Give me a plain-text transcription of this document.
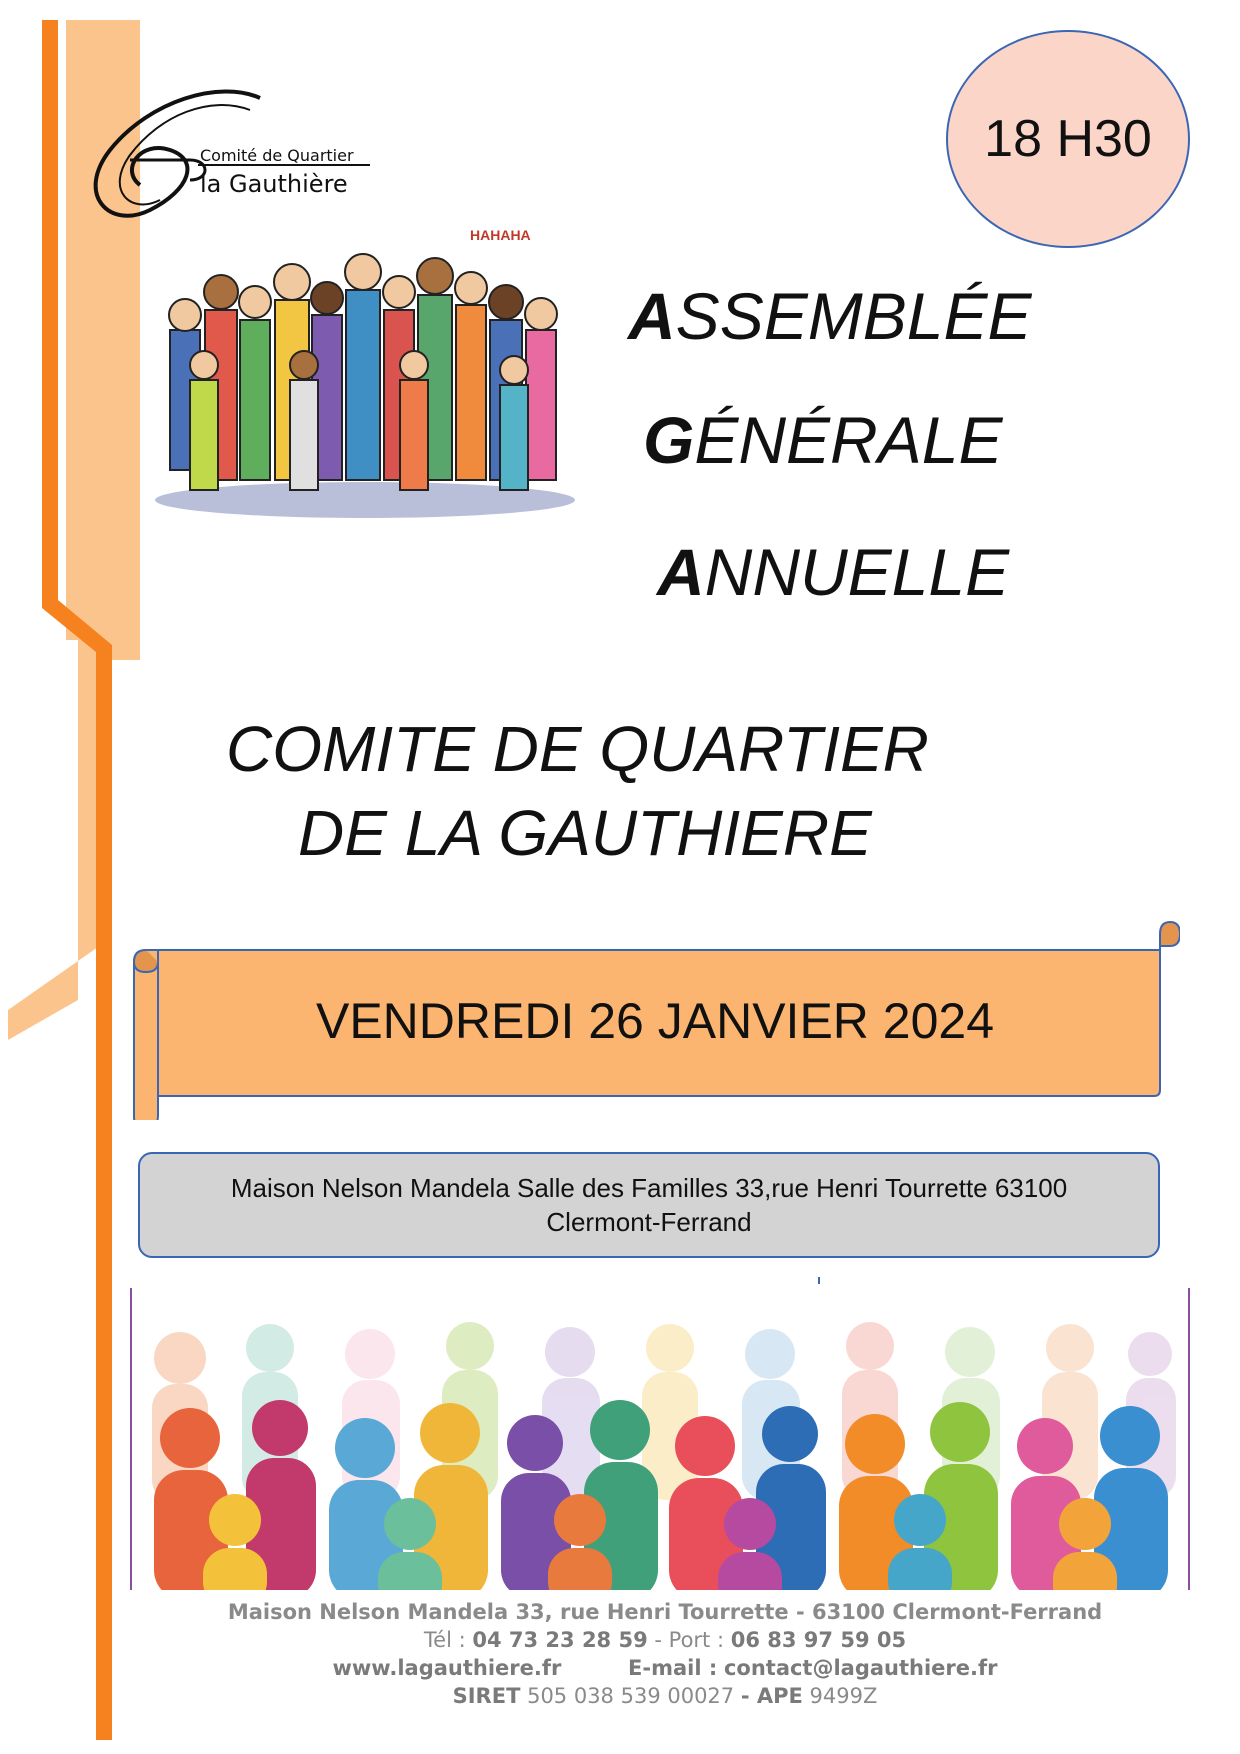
Comité de Quartier
la Gauthière
18 H30
HAHAHA
ASSEMBLÉE
GÉNÉRALE
ANNUELLE
COMITE DE QUARTIER
DE LA GAUTHIERE
VENDREDI 26 JANVIER 2024
Maison Nelson Mandela Salle des Familles 33,rue Henri Tourrette 63100
Clermont-Ferrand
Maison Nelson Mandela 33, rue Henri Tourrette - 63100 Clermont-Ferrand
Tél : 04 73 23 28 59 - Port : 06 83 97 59 05
www.lagauthiere.fr	E-mail : contact@lagauthiere.fr
SIRET 505 038 539 00027 - APE 9499Z
